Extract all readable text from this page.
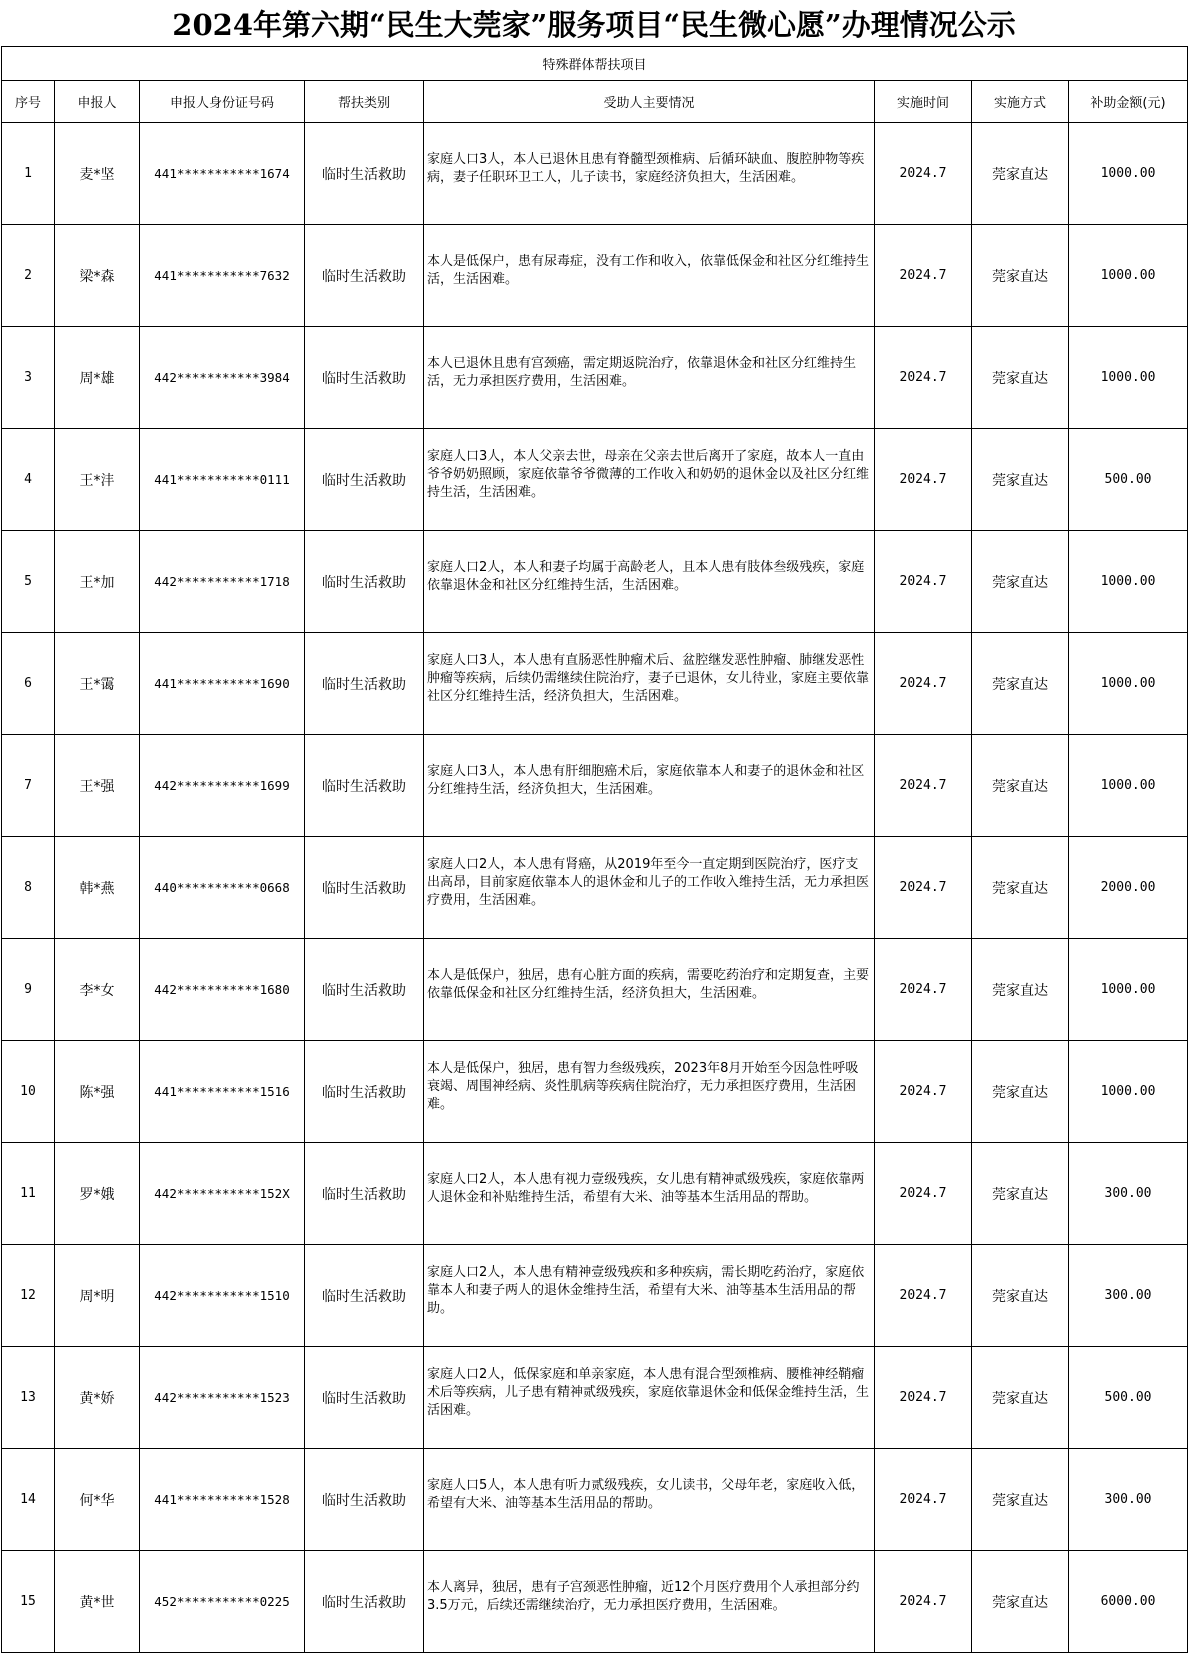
2024年第六期“民生大莞家”服务项目“民生微心愿”办理情况公示
特殊群体帮扶项目							
序号	申报人	申报人身份证号码	帮扶类别	受助人主要情况	实施时间	实施方式	补助金额(元)
1	麦*坚	441***********1674	临时生活救助	家庭人口3人，本人已退休且患有脊髓型颈椎病、后循环缺血、腹腔肿物等疾病，妻子任职环卫工人，儿子读书，家庭经济负担大，生活困难。	2024.7	莞家直达	1000.00
2	梁*森	441***********7632	临时生活救助	本人是低保户，患有尿毒症，没有工作和收入，依靠低保金和社区分红维持生活，生活困难。	2024.7	莞家直达	1000.00
3	周*雄	442***********3984	临时生活救助	本人已退休且患有宫颈癌，需定期返院治疗，依靠退休金和社区分红维持生活，无力承担医疗费用，生活困难。	2024.7	莞家直达	1000.00
4	王*沣	441***********0111	临时生活救助	家庭人口3人，本人父亲去世，母亲在父亲去世后离开了家庭，故本人一直由爷爷奶奶照顾，家庭依靠爷爷微薄的工作收入和奶奶的退休金以及社区分红维持生活，生活困难。	2024.7	莞家直达	500.00
5	王*加	442***********1718	临时生活救助	家庭人口2人，本人和妻子均属于高龄老人，且本人患有肢体叁级残疾，家庭依靠退休金和社区分红维持生活，生活困难。	2024.7	莞家直达	1000.00
6	王*霭	441***********1690	临时生活救助	家庭人口3人，本人患有直肠恶性肿瘤术后、盆腔继发恶性肿瘤、肺继发恶性肿瘤等疾病，后续仍需继续住院治疗，妻子已退休，女儿待业，家庭主要依靠社区分红维持生活，经济负担大，生活困难。	2024.7	莞家直达	1000.00
7	王*强	442***********1699	临时生活救助	家庭人口3人，本人患有肝细胞癌术后，家庭依靠本人和妻子的退休金和社区分红维持生活，经济负担大，生活困难。	2024.7	莞家直达	1000.00
8	韩*燕	440***********0668	临时生活救助	家庭人口2人，本人患有肾癌，从2019年至今一直定期到医院治疗，医疗支出高昂，目前家庭依靠本人的退休金和儿子的工作收入维持生活，无力承担医疗费用，生活困难。	2024.7	莞家直达	2000.00
9	李*女	442***********1680	临时生活救助	本人是低保户，独居，患有心脏方面的疾病，需要吃药治疗和定期复查，主要依靠低保金和社区分红维持生活，经济负担大，生活困难。	2024.7	莞家直达	1000.00
10	陈*强	441***********1516	临时生活救助	本人是低保户，独居，患有智力叁级残疾，2023年8月开始至今因急性呼吸衰竭、周围神经病、炎性肌病等疾病住院治疗，无力承担医疗费用，生活困难。	2024.7	莞家直达	1000.00
11	罗*娥	442***********152X	临时生活救助	家庭人口2人，本人患有视力壹级残疾，女儿患有精神贰级残疾，家庭依靠两人退休金和补贴维持生活，希望有大米、油等基本生活用品的帮助。	2024.7	莞家直达	300.00
12	周*明	442***********1510	临时生活救助	家庭人口2人，本人患有精神壹级残疾和多种疾病，需长期吃药治疗，家庭依靠本人和妻子两人的退休金维持生活，希望有大米、油等基本生活用品的帮助。	2024.7	莞家直达	300.00
13	黄*娇	442***********1523	临时生活救助	家庭人口2人，低保家庭和单亲家庭，本人患有混合型颈椎病、腰椎神经鞘瘤术后等疾病，儿子患有精神贰级残疾，家庭依靠退休金和低保金维持生活，生活困难。	2024.7	莞家直达	500.00
14	何*华	441***********1528	临时生活救助	家庭人口5人，本人患有听力贰级残疾，女儿读书，父母年老，家庭收入低，希望有大米、油等基本生活用品的帮助。	2024.7	莞家直达	300.00
15	黄*世	452***********0225	临时生活救助	本人离异，独居，患有子宫颈恶性肿瘤，近12个月医疗费用个人承担部分约3.5万元，后续还需继续治疗，无力承担医疗费用，生活困难。	2024.7	莞家直达	6000.00
